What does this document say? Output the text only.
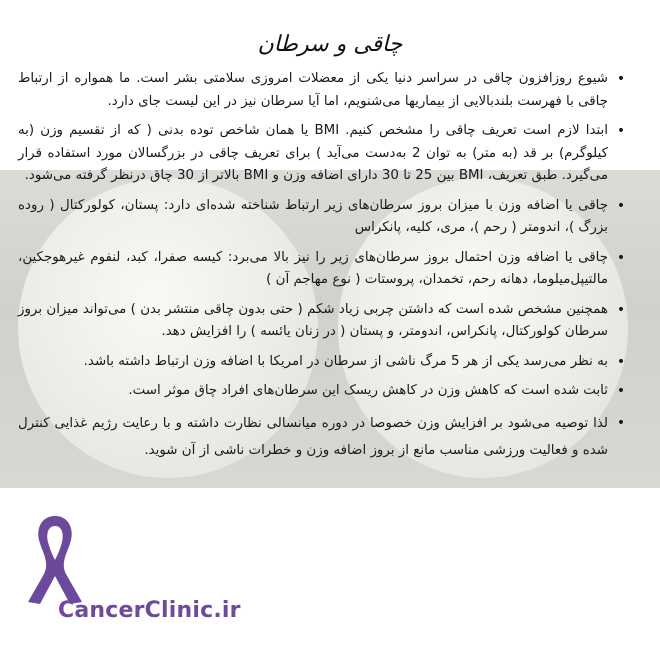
چاقی و سرطان

•
شیوع روزافزون چاقی در سراسر دنیا یکی از معضلات امروزی سلامتی بشر است. ما همواره از ارتباط چاقی با فهرست بلندبالایی از بیماریها می‌شنویم، اما آیا سرطان نیز در این لیست جای دارد.

•
ابتدا لازم است تعریف چاقی را مشخص کنیم. BMI یا همان شاخص توده بدنی ( که از تقسیم وزن (به کیلوگرم) بر قد (به متر) به توان 2 به‌دست می‌آید ) برای تعریف چاقی در بزرگسالان مورد استفاده قرار می‌گیرد. طبق تعریف، BMI بین 25 تا 30 دارای اضافه وزن و BMI بالاتر از 30 چاق درنظر گرفته می‌شود.

•
چاقی یا اضافه وزن با میزان بروز سرطان‌های زیر ارتباط شناخته شده‌ای دارد: پستان، کولورکتال ( روده بزرگ )، اندومتر ( رحم )، مری، کلیه، پانکراس

•
چاقی یا اضافه وزن احتمال بروز سرطان‌های زیر را نیز بالا می‌برد: کیسه صفرا، کبد، لنفوم غیرهوجکین، مالتیپل‌میلوما، دهانه رحم، تخمدان، پروستات ( نوع مهاجم آن )

•
همچنین مشخص شده است که داشتن چربی زیاد شکم ( حتی بدون چاقی منتشر بدن ) می‌تواند میزان بروز سرطان کولورکتال، پانکراس، اندومتر، و پستان ( در زنان یائسه ) را افزایش دهد.

•
به نظر می‌رسد یکی از هر 5 مرگ ناشی از سرطان در امریکا با اضافه وزن ارتباط داشته باشد.

•
ثابت شده است که کاهش وزن در کاهش ریسک این سرطان‌های افراد چاق موثر است.

•
لذا توصیه می‌شود بر افزایش وزن خصوصا در دوره میانسالی نظارت داشته و با رعایت رژیم غذایی کنترل شده و فعالیت ورزشی مناسب مانع از بروز اضافه وزن و خطرات ناشی از آن شوید.

CancerClinic.ir
